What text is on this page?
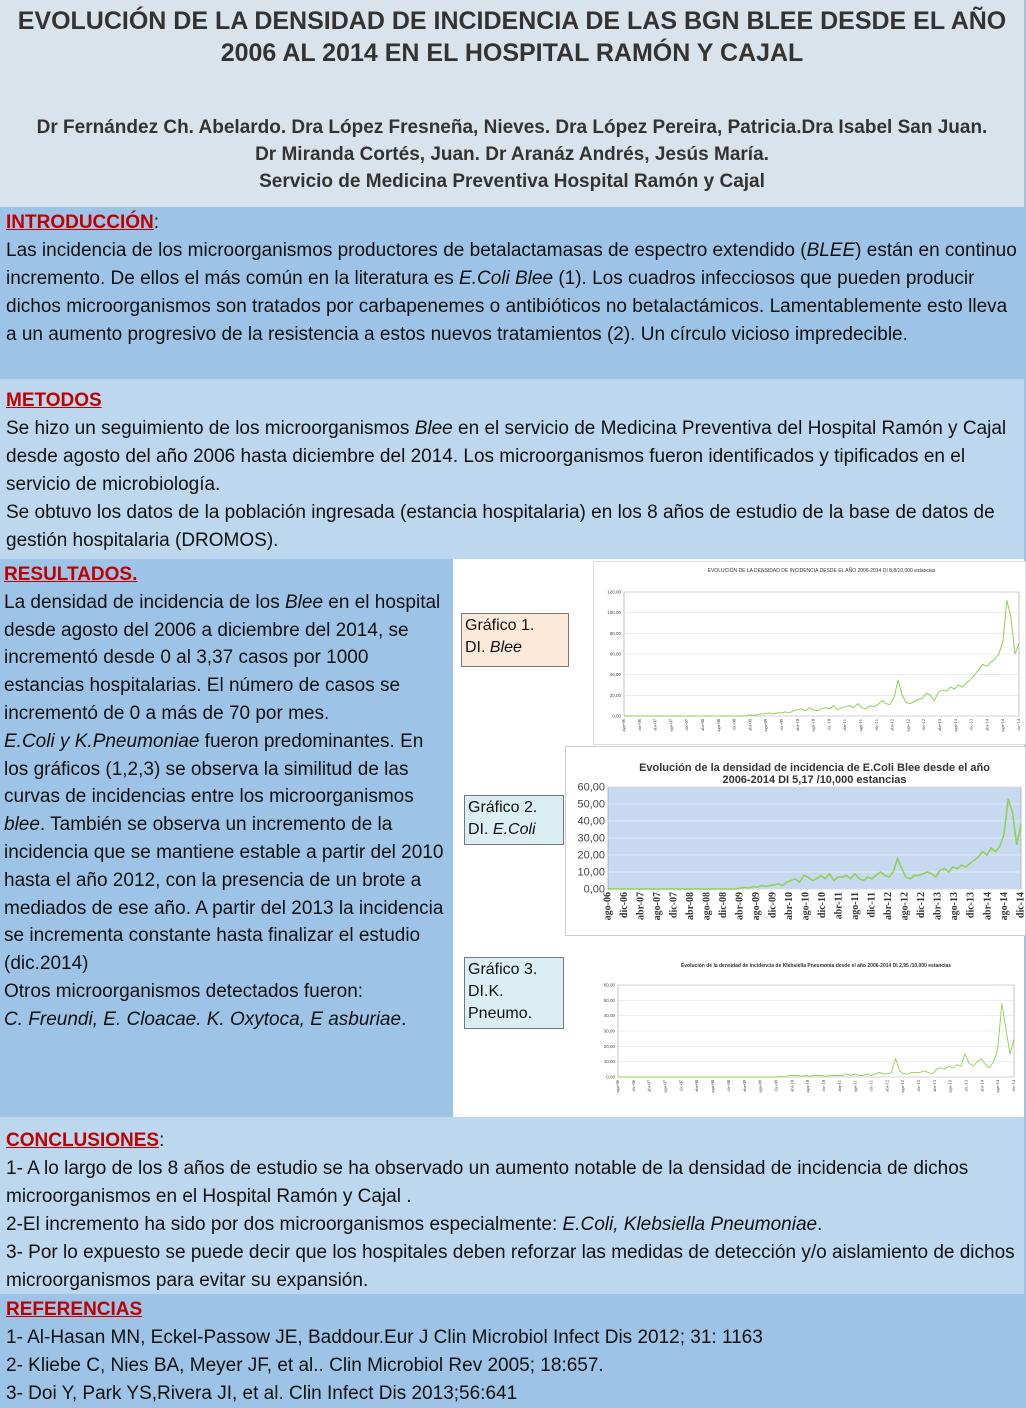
EVOLUCIÓN DE LA DENSIDAD DE INCIDENCIA DE LAS BGN BLEE DESDE EL AÑO
2006 AL 2014 EN EL HOSPITAL RAMÓN Y CAJAL
Dr Fernández Ch. Abelardo. Dra López Fresneña, Nieves. Dra López Pereira, Patricia.Dra Isabel San Juan.
Dr Miranda Cortés, Juan. Dr Aranáz Andrés, Jesús María.
Servicio de Medicina Preventiva Hospital Ramón y Cajal
INTRODUCCIÓN:

Las incidencia de los microorganismos productores de betalactamasas de espectro extendido (BLEE) están en continuo incremento. De ellos el más común en la literatura es E.Coli Blee (1). Los cuadros infecciosos que pueden producir dichos microorganismos son tratados por carbapenemes o antibióticos no betalactámicos. Lamentablemente esto lleva a un aumento progresivo de la resistencia a estos nuevos tratamientos (2). Un círculo vicioso impredecible.

METODOS

Se hizo un seguimiento de los microorganismos Blee en el servicio de Medicina Preventiva del Hospital Ramón y Cajal desde agosto del año 2006 hasta diciembre del 2014. Los microorganismos fueron identificados y tipificados en el servicio de microbiología.

Se obtuvo los datos de la población ingresada (estancia hospitalaria) en los 8 años de estudio de la base de datos de gestión hospitalaria (DROMOS).

RESULTADOS.

La densidad de incidencia de los Blee en el hospital desde agosto del 2006 a diciembre del 2014, se incrementó desde 0 al 3,37 casos por 1000 estancias hospitalarias. El número de casos se incrementó de 0 a más de 70 por mes.

E.Coli y K.Pneumoniae fueron predominantes. En los gráficos (1,2,3) se observa la similitud de las curvas de incidencias entre los microorganismos blee. También se observa un incremento de la incidencia que se mantiene estable a partir del 2010 hasta el año 2012, con la presencia de un brote a mediados de ese año. A partir del 2013 la incidencia se incrementa constante hasta finalizar el estudio (dic.2014)

Otros microorganismos detectados fueron:

C. Freundi, E. Cloacae. K. Oxytoca, E asburiae.

Gráfico 1.
DI. Blee
Gráfico 2.
DI. E.Coli
Gráfico 3.
DI.K.
Pneumo.
EVOLUCIÓN DE LA DENSIDAD DE INCIDENCIA DESDE EL AÑO 2006-2014 DI 8,8/10,000 estancias
0,00
20,00
40,00
60,00
80,00
100,00
120,00
ago-06 dic-06 abr-07 ago-07 dic-07 abr-08 ago-08 dic-08 abr-09 ago-09 dic-09 abr-10 ago-10 dic-10 abr-11 ago-11 dic-11 abr-12 ago-12 dic-12 abr-13 ago-13 dic-13 abr-14 ago-14 dic-14
Evolución de la densidad de incidencia de E.Coli Blee desde el año 2006-2014 DI 5,17 /10,000 estancias
0,00
10,00
20,00
30,00
40,00
50,00
60,00
ago-06 dic-06 abr-07 ago-07 dic-07 abr-08 ago-08 dic-08 abr-09 ago-09 dic-09 abr-10 ago-10 dic-10 abr-11 ago-11 dic-11 abr-12 ago-12 dic-12 abr-13 ago-13 dic-13 abr-14 ago-14 dic-14
Evolución de la densidad de incidencia de Klebsiella Pneumonia desde el año 2006-2014 DI 2,95 /10,000 estancias
0,00
10,00
20,00
30,00
40,00
50,00
60,00
ago-06 dic-06 abr-07 ago-07 dic-07 abr-08 ago-08 dic-08 abr-09 ago-09 dic-09 abr-10 ago-10 dic-10 abr-11 ago-11 dic-11 abr-12 ago-12 dic-12 abr-13 ago-13 dic-13 abr-14 ago-14 dic-14
CONCLUSIONES:

1- A lo largo de los 8 años de estudio se ha observado un aumento notable de la densidad de incidencia de dichos microorganismos en el Hospital Ramón y Cajal .

2-El incremento ha sido por dos microorganismos especialmente: E.Coli, Klebsiella Pneumoniae.

3- Por lo expuesto se puede decir que los hospitales deben reforzar las medidas de detección y/o aislamiento de dichos microorganismos para evitar su expansión.

REFERENCIAS

1- Al-Hasan MN, Eckel-Passow JE, Baddour.Eur J Clin Microbiol Infect Dis 2012; 31: 1163

2- Kliebe C, Nies BA, Meyer JF, et al.. Clin Microbiol Rev 2005; 18:657.

3- Doi Y, Park YS,Rivera JI, et al. Clin Infect Dis 2013;56:641
